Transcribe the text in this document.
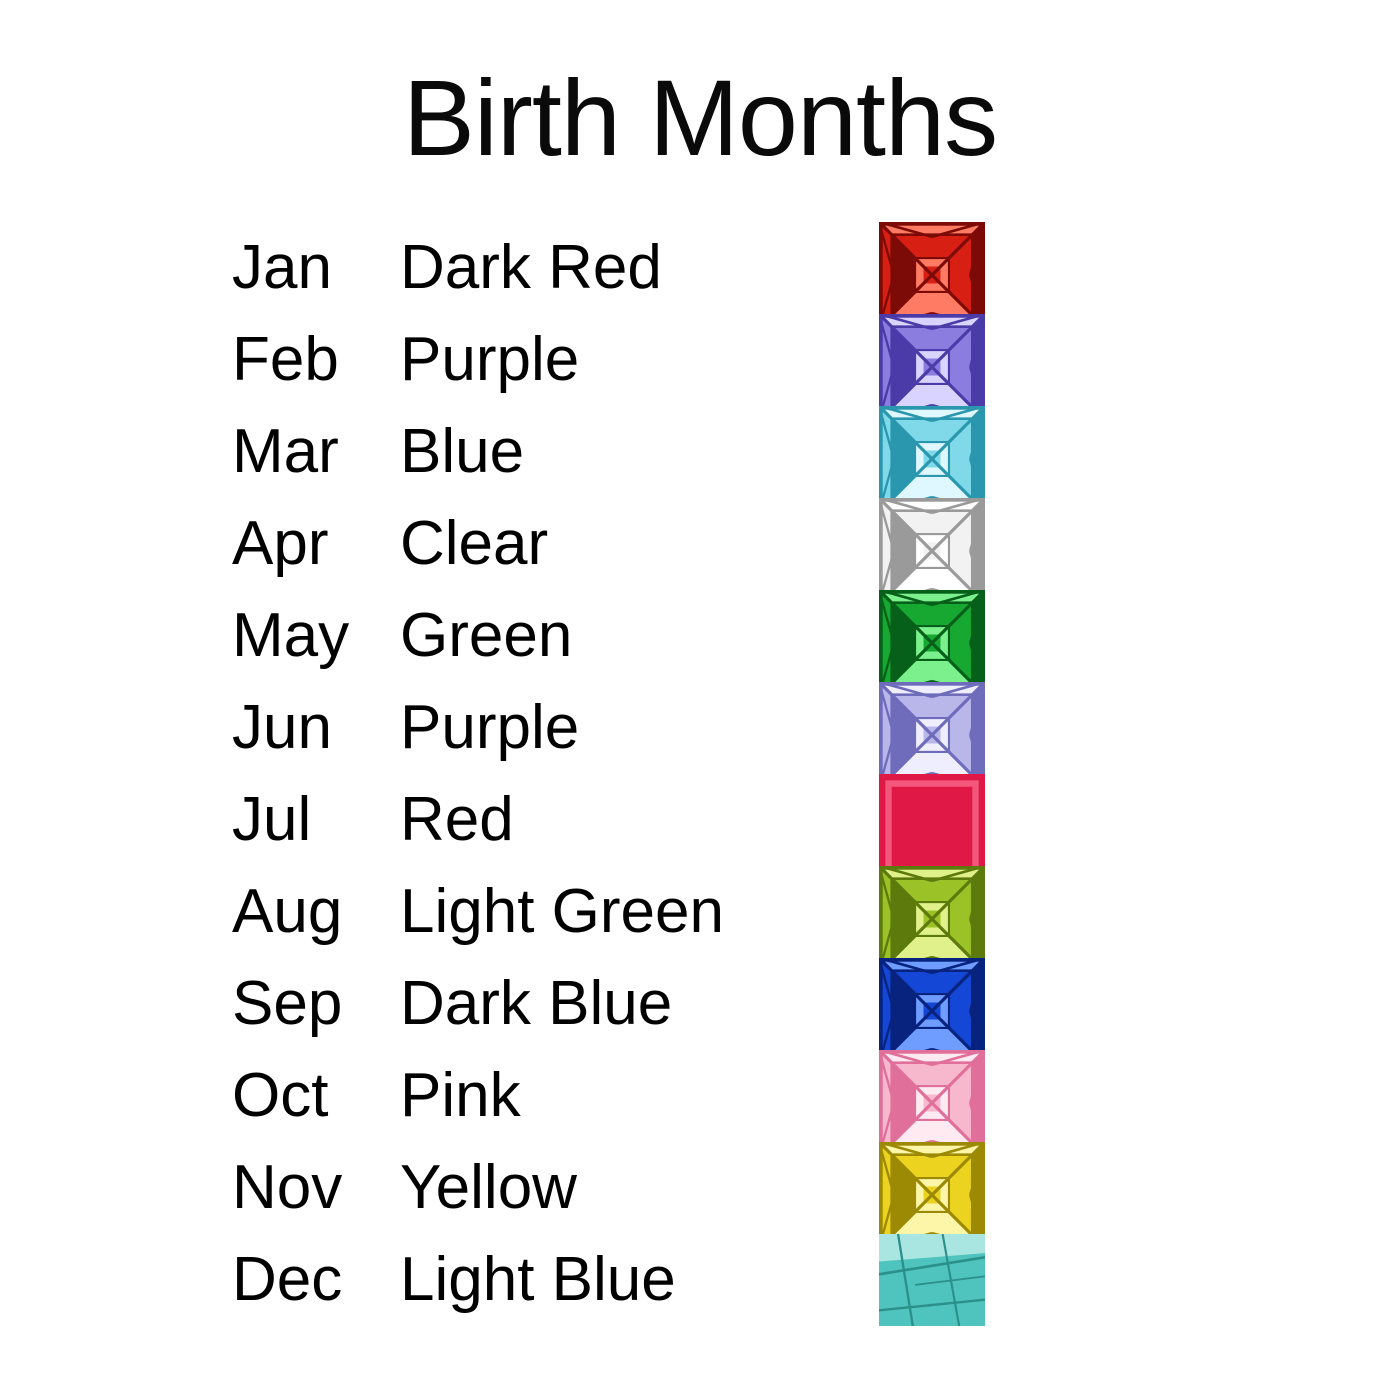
Birth Months
Jan	Dark Red
Feb Purple
Mar Blue
Apr	Clear
May Green
Jun	Purple
Jul	Red
Aug Light Green
Sep Dark Blue
Oct	Pink
Nov Yellow
Dec Light Blue
